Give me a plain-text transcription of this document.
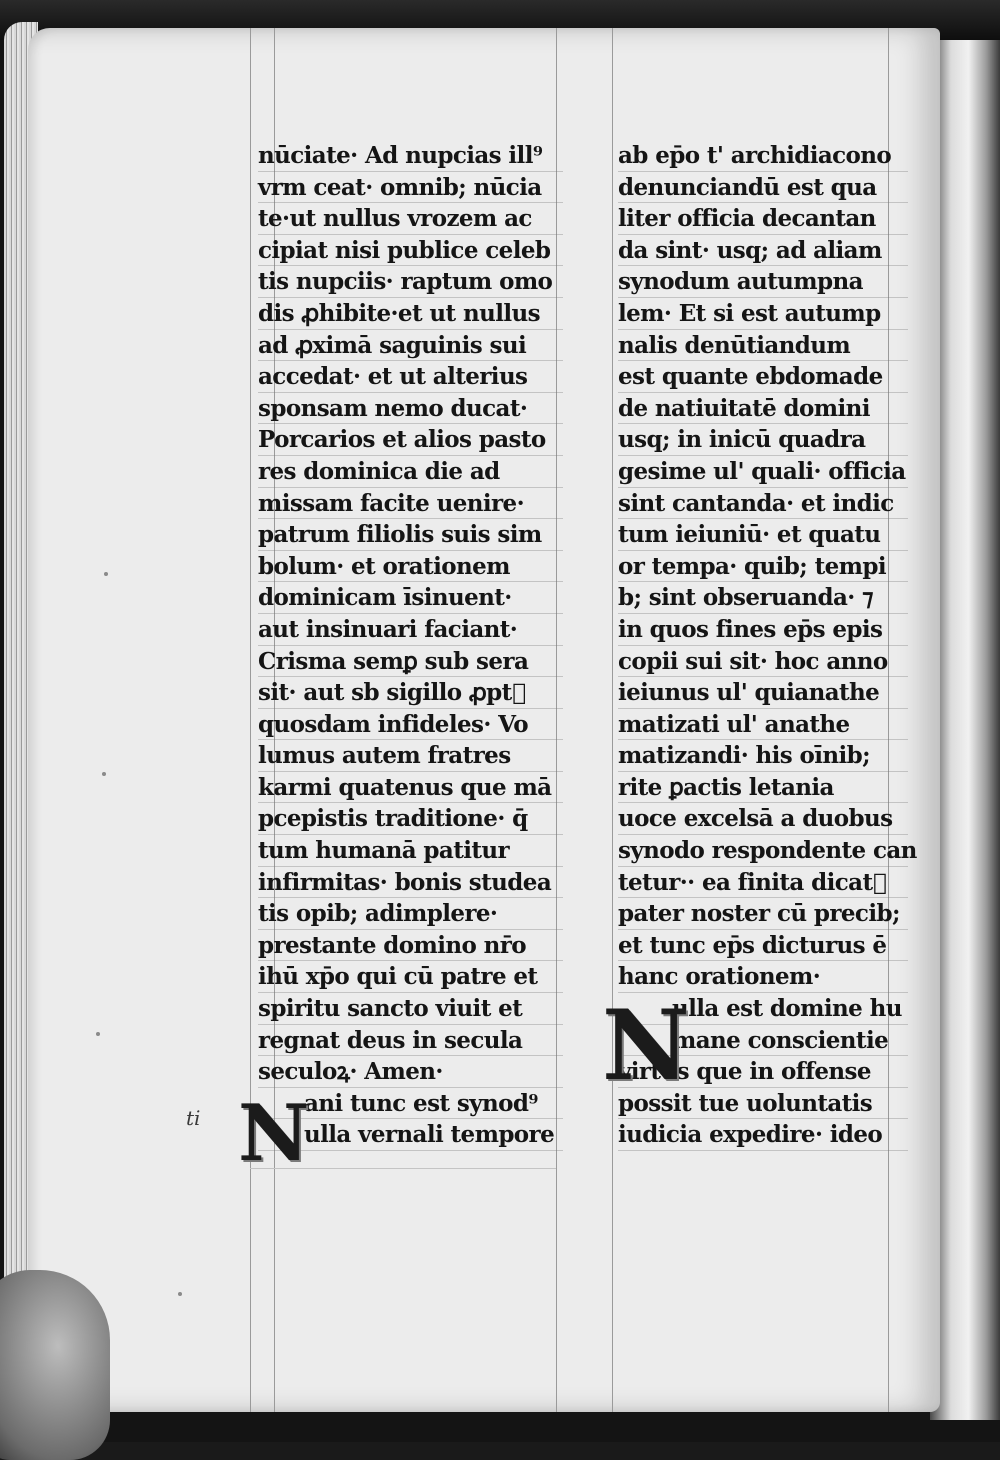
nūciate· Ad nupcias ill⁹
vrm ceat· omnib; nūcia
te·ut nullus vrozem ac
cipiat nisi publice celeb
tis nupciis· raptum omo
dis ꝓhibite·et ut nullus
ad ꝓximā saguinis sui
accedat· et ut alterius
sponsam nemo ducat·
Porcarios et alios pasto
res dominica die ad
missam facite uenire·
patrum filiolis suis sim
bolum· et orationem
dominicam īsinuent·
aut insinuari faciant·
Crisma semꝑ sub sera
sit· aut sb sigillo ꝓpt᷑
quosdam infideles· Vo
lumus autem fratres
karmi quatenus que mā
pcepistis traditione· q̄
tum humanā patitur
infirmitas· bonis studea
tis opib; adimplere·
prestante domino nr̄o
ihū xp̄o qui cū patre et
spiritu sancto viuit et
regnat deus in secula
seculoꝝ· Amen·
ani tunc est synod⁹
ulla vernali tempore
ab ep̄o t' archidiacono
denunciandū est qua
liter officia decantan
da sint· usq; ad aliam
synodum autumpna
lem· Et si est autump
nalis denūtiandum
est quante ebdomade
de natiuitatē domini
usq; in inicū quadra
gesime ul' quali· officia
sint cantanda· et indic
tum ieiuniū· et quatu
or tempa· quib; tempi
b; sint obseruanda· ⁊
in quos fines ep̄s epis
copii sui sit· hoc anno
ieiunus ul' quianathe
matizati ul' anathe
matizandi· his oīnib;
rite ꝑactis letania
uoce excelsā a duobus
synodo respondente can
tetur·· ea finita dicat᷑
pater noster cū precib;
et tunc ep̄s dicturus ē
hanc orationem·
ulla est domine hu
mane conscientie
virtus que in offense
possit tue uoluntatis
iudicia expedire· ideo
N
N
ti
